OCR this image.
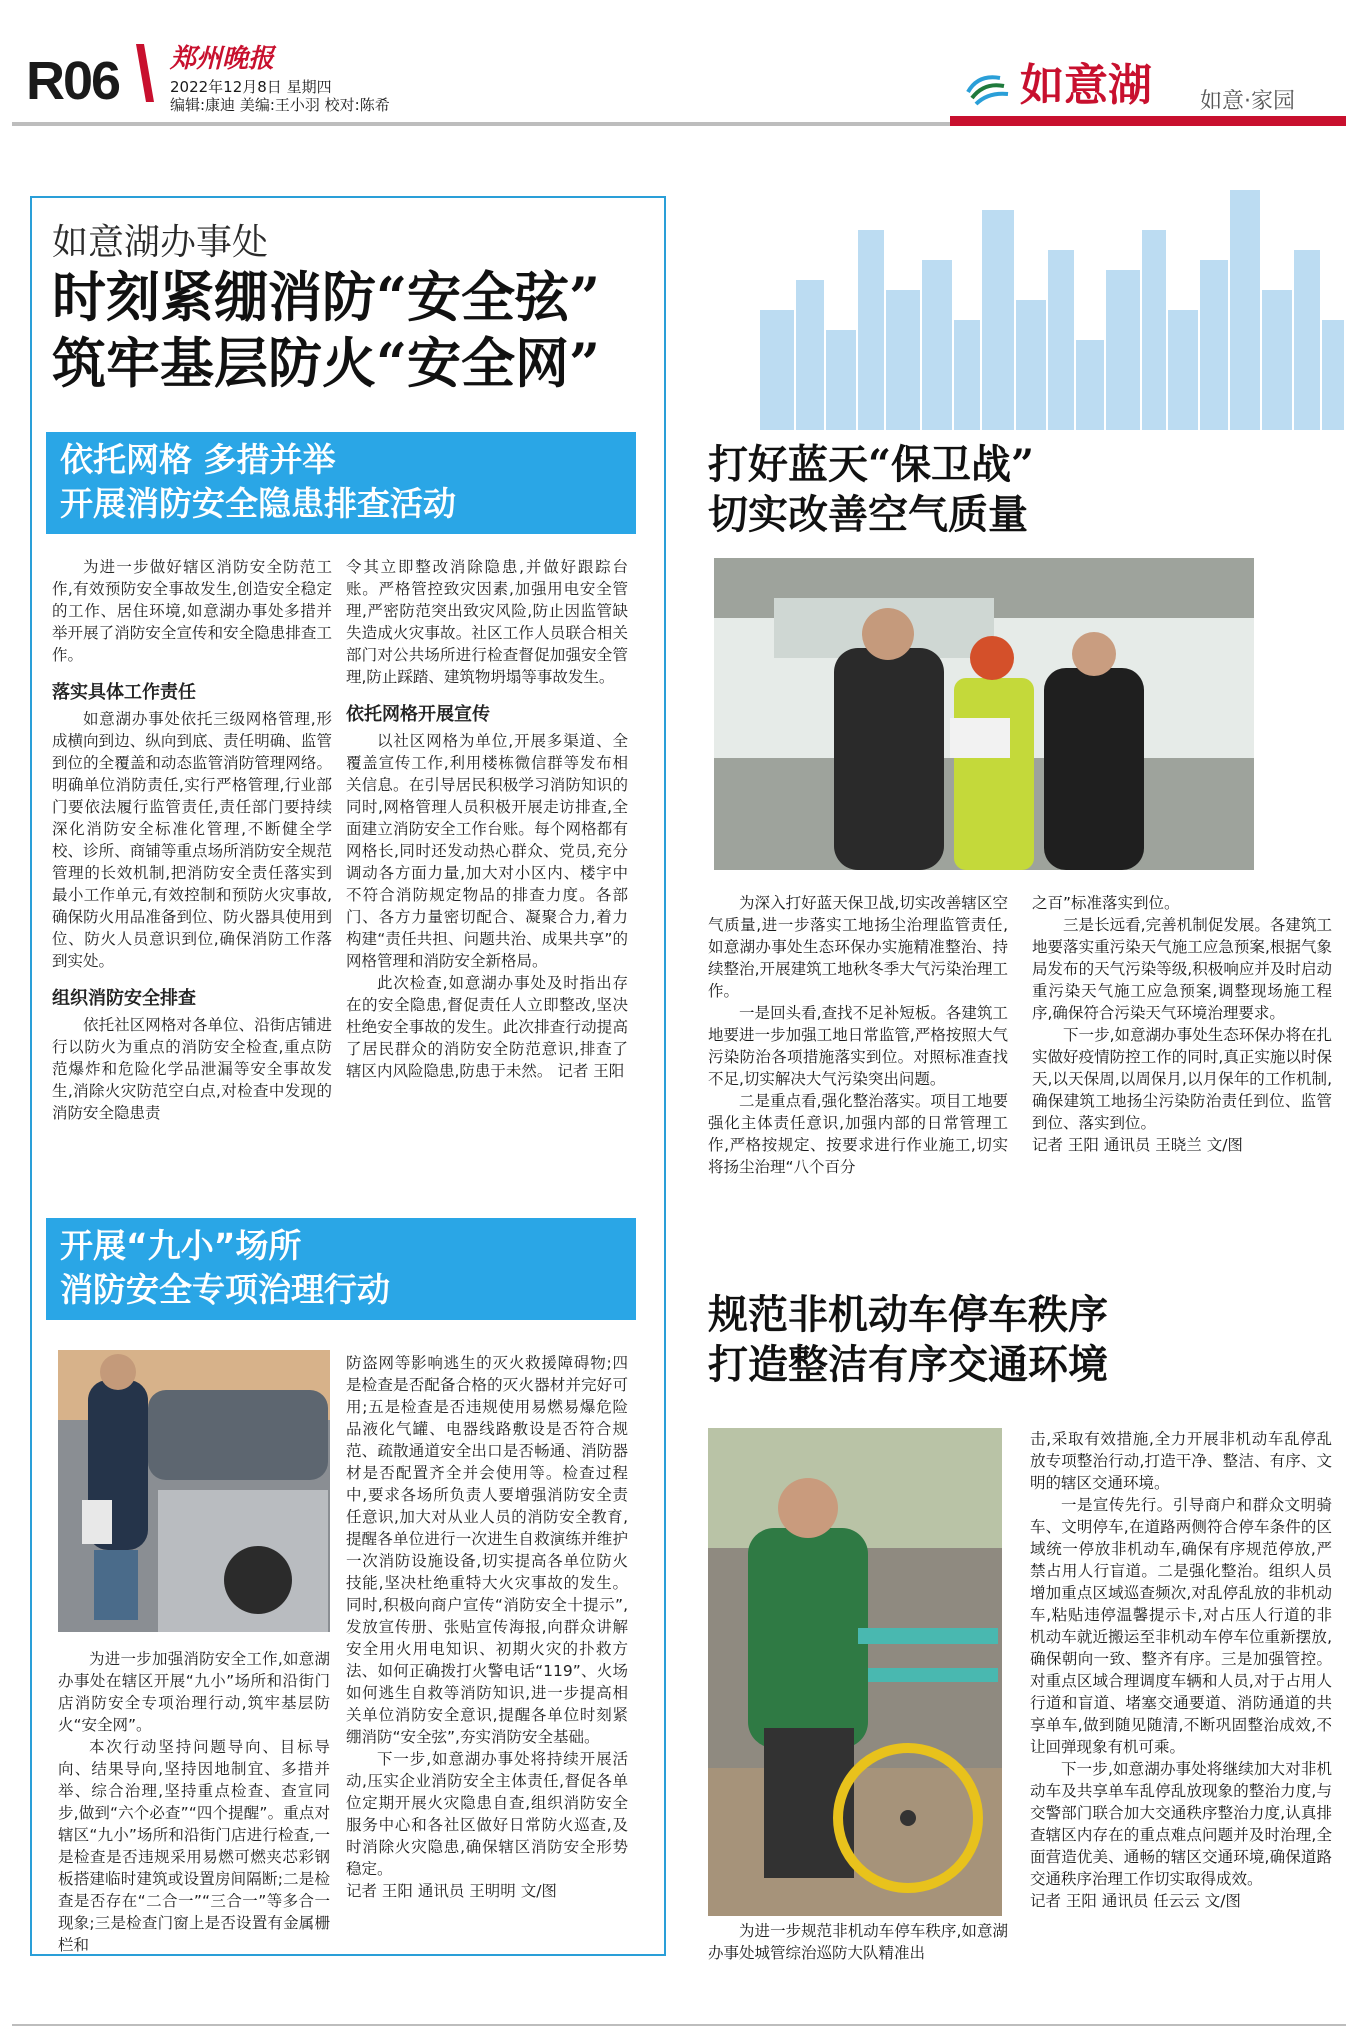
R06 郑州晚报
2022年12月8日 星期四
编辑:康迪 美编:王小羽 校对:陈希	如意湖 如意·家园
如意湖办事处
时刻紧绷消防“安全弦”
筑牢基层防火“安全网”
依托网格 多措并举
开展消防安全隐患排查活动

为进一步做好辖区消防安全防范工作,有效预防安全事故发生,创造安全稳定的工作、居住环境,如意湖办事处多措并举开展了消防安全宣传和安全隐患排查工作。

落实具体工作责任

如意湖办事处依托三级网格管理,形成横向到边、纵向到底、责任明确、监管到位的全覆盖和动态监管消防管理网络。明确单位消防责任,实行严格管理,行业部门要依法履行监管责任,责任部门要持续深化消防安全标准化管理,不断健全学校、诊所、商铺等重点场所消防安全规范管理的长效机制,把消防安全责任落实到最小工作单元,有效控制和预防火灾事故,确保防火用品准备到位、防火器具使用到位、防火人员意识到位,确保消防工作落到实处。

组织消防安全排查

依托社区网格对各单位、沿街店铺进行以防火为重点的消防安全检查,重点防范爆炸和危险化学品泄漏等安全事故发生,消除火灾防范空白点,对检查中发现的消防安全隐患责

令其立即整改消除隐患,并做好跟踪台账。严格管控致灾因素,加强用电安全管理,严密防范突出致灾风险,防止因监管缺失造成火灾事故。社区工作人员联合相关部门对公共场所进行检查督促加强安全管理,防止踩踏、建筑物坍塌等事故发生。

依托网格开展宣传

以社区网格为单位,开展多渠道、全覆盖宣传工作,利用楼栋微信群等发布相关信息。在引导居民积极学习消防知识的同时,网格管理人员积极开展走访排查,全面建立消防安全工作台账。每个网格都有网格长,同时还发动热心群众、党员,充分调动各方面力量,加大对小区内、楼宇中不符合消防规定物品的排查力度。各部门、各方力量密切配合、凝聚合力,着力构建“责任共担、问题共治、成果共享”的网格管理和消防安全新格局。

此次检查,如意湖办事处及时指出存在的安全隐患,督促责任人立即整改,坚决杜绝安全事故的发生。此次排查行动提高了居民群众的消防安全防范意识,排查了辖区内风险隐患,防患于未然。 记者 王阳

开展“九小”场所
消防安全专项治理行动

为进一步加强消防安全工作,如意湖办事处在辖区开展“九小”场所和沿街门店消防安全专项治理行动,筑牢基层防火“安全网”。

本次行动坚持问题导向、目标导向、结果导向,坚持因地制宜、多措并举、综合治理,坚持重点检查、查宣同步,做到“六个必查”“四个提醒”。重点对辖区“九小”场所和沿街门店进行检查,一是检查是否违规采用易燃可燃夹芯彩钢板搭建临时建筑或设置房间隔断;二是检查是否存在“二合一”“三合一”等多合一现象;三是检查门窗上是否设置有金属栅栏和

防盗网等影响逃生的灭火救援障碍物;四是检查是否配备合格的灭火器材并完好可用;五是检查是否违规使用易燃易爆危险品液化气罐、电器线路敷设是否符合规范、疏散通道安全出口是否畅通、消防器材是否配置齐全并会使用等。检查过程中,要求各场所负责人要增强消防安全责任意识,加大对从业人员的消防安全教育,提醒各单位进行一次进生自救演练并维护一次消防设施设备,切实提高各单位防火技能,坚决杜绝重特大火灾事故的发生。同时,积极向商户宣传“消防安全十提示”,发放宣传册、张贴宣传海报,向群众讲解安全用火用电知识、初期火灾的扑救方法、如何正确拨打火警电话“119”、火场如何逃生自救等消防知识,进一步提高相关单位消防安全意识,提醒各单位时刻紧绷消防“安全弦”,夯实消防安全基础。

下一步,如意湖办事处将持续开展活动,压实企业消防安全主体责任,督促各单位定期开展火灾隐患自查,组织消防安全服务中心和各社区做好日常防火巡查,及时消除火灾隐患,确保辖区消防安全形势稳定。

记者 王阳 通讯员 王明明 文/图

打好蓝天“保卫战”
切实改善空气质量

为深入打好蓝天保卫战,切实改善辖区空气质量,进一步落实工地扬尘治理监管责任,如意湖办事处生态环保办实施精准整治、持续整治,开展建筑工地秋冬季大气污染治理工作。

一是回头看,查找不足补短板。各建筑工地要进一步加强工地日常监管,严格按照大气污染防治各项措施落实到位。对照标准查找不足,切实解决大气污染突出问题。

二是重点看,强化整治落实。项目工地要强化主体责任意识,加强内部的日常管理工作,严格按规定、按要求进行作业施工,切实将扬尘治理“八个百分

之百”标准落实到位。

三是长远看,完善机制促发展。各建筑工地要落实重污染天气施工应急预案,根据气象局发布的天气污染等级,积极响应并及时启动重污染天气施工应急预案,调整现场施工程序,确保符合污染天气环境治理要求。

下一步,如意湖办事处生态环保办将在扎实做好疫情防控工作的同时,真正实施以时保天,以天保周,以周保月,以月保年的工作机制,确保建筑工地扬尘污染防治责任到位、监管到位、落实到位。

记者 王阳 通讯员 王晓兰 文/图

规范非机动车停车秩序
打造整洁有序交通环境

为进一步规范非机动车停车秩序,如意湖办事处城管综治巡防大队精准出

击,采取有效措施,全力开展非机动车乱停乱放专项整治行动,打造干净、整洁、有序、文明的辖区交通环境。

一是宣传先行。引导商户和群众文明骑车、文明停车,在道路两侧符合停车条件的区域统一停放非机动车,确保有序规范停放,严禁占用人行盲道。二是强化整治。组织人员增加重点区域巡查频次,对乱停乱放的非机动车,粘贴违停温馨提示卡,对占压人行道的非机动车就近搬运至非机动车停车位重新摆放,确保朝向一致、整齐有序。三是加强管控。对重点区域合理调度车辆和人员,对于占用人行道和盲道、堵塞交通要道、消防通道的共享单车,做到随见随清,不断巩固整治成效,不让回弹现象有机可乘。

下一步,如意湖办事处将继续加大对非机动车及共享单车乱停乱放现象的整治力度,与交警部门联合加大交通秩序整治力度,认真排查辖区内存在的重点难点问题并及时治理,全面营造优美、通畅的辖区交通环境,确保道路交通秩序治理工作切实取得成效。

记者 王阳 通讯员 任云云 文/图
